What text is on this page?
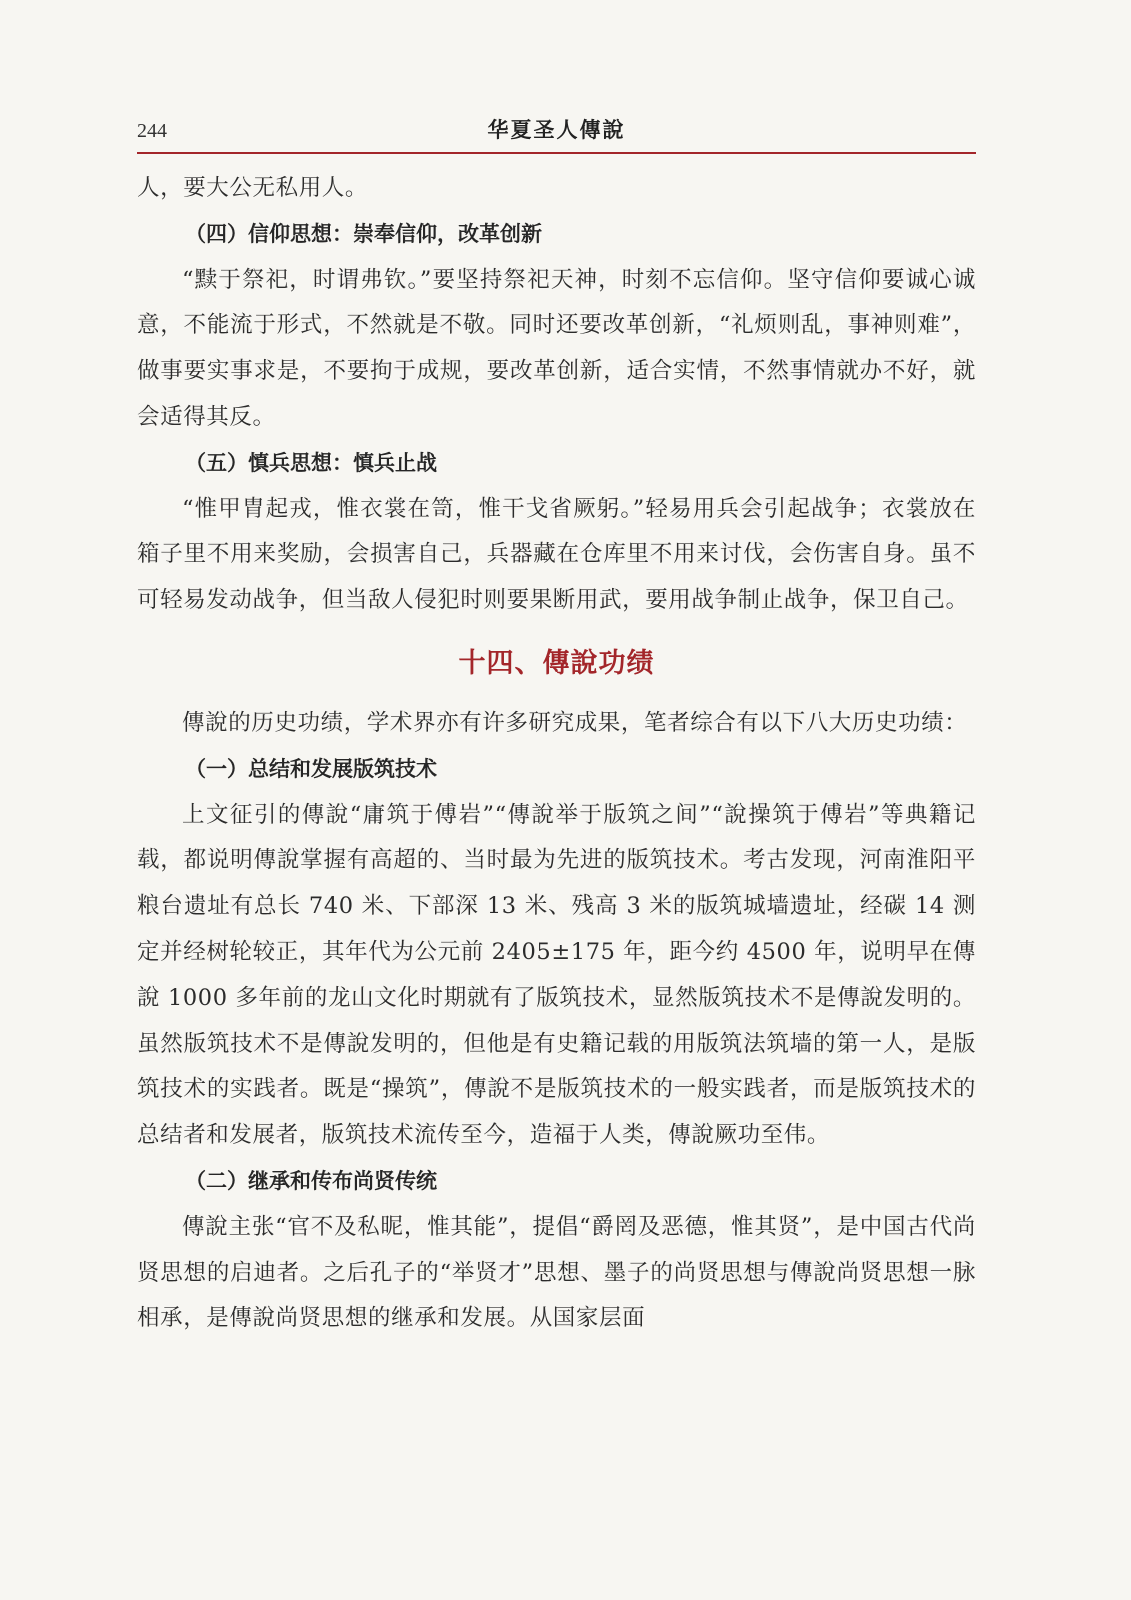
244	华夏圣人傳說

人，要大公无私用人。

（四）信仰思想：崇奉信仰，改革创新

“黩于祭祀，时谓弗钦。”要坚持祭祀天神，时刻不忘信仰。坚守信仰要诚心诚意，不能流于形式，不然就是不敬。同时还要改革创新，“礼烦则乱，事神则难”，做事要实事求是，不要拘于成规，要改革创新，适合实情，不然事情就办不好，就会适得其反。

（五）慎兵思想：慎兵止战

“惟甲胄起戎，惟衣裳在笥，惟干戈省厥躬。”轻易用兵会引起战争；衣裳放在箱子里不用来奖励，会损害自己，兵器藏在仓库里不用来讨伐，会伤害自身。虽不可轻易发动战争，但当敌人侵犯时则要果断用武，要用战争制止战争，保卫自己。

十四、傳說功绩

傳說的历史功绩，学术界亦有许多研究成果，笔者综合有以下八大历史功绩：

（一）总结和发展版筑技术

上文征引的傳說“庸筑于傅岩”“傳說举于版筑之间”“說操筑于傅岩”等典籍记载，都说明傳說掌握有高超的、当时最为先进的版筑技术。考古发现，河南淮阳平粮台遗址有总长 740 米、下部深 13 米、残高 3 米的版筑城墙遗址，经碳 14 测定并经树轮较正，其年代为公元前 2405±175 年，距今约 4500 年，说明早在傳說 1000 多年前的龙山文化时期就有了版筑技术，显然版筑技术不是傳說发明的。虽然版筑技术不是傳說发明的，但他是有史籍记载的用版筑法筑墙的第一人，是版筑技术的实践者。既是“操筑”，傳說不是版筑技术的一般实践者，而是版筑技术的总结者和发展者，版筑技术流传至今，造福于人类，傳說厥功至伟。

（二）继承和传布尚贤传统

傳說主张“官不及私昵，惟其能”，提倡“爵罔及恶德，惟其贤”，是中国古代尚贤思想的启迪者。之后孔子的“举贤才”思想、墨子的尚贤思想与傳說尚贤思想一脉相承，是傳說尚贤思想的继承和发展。从国家层面
